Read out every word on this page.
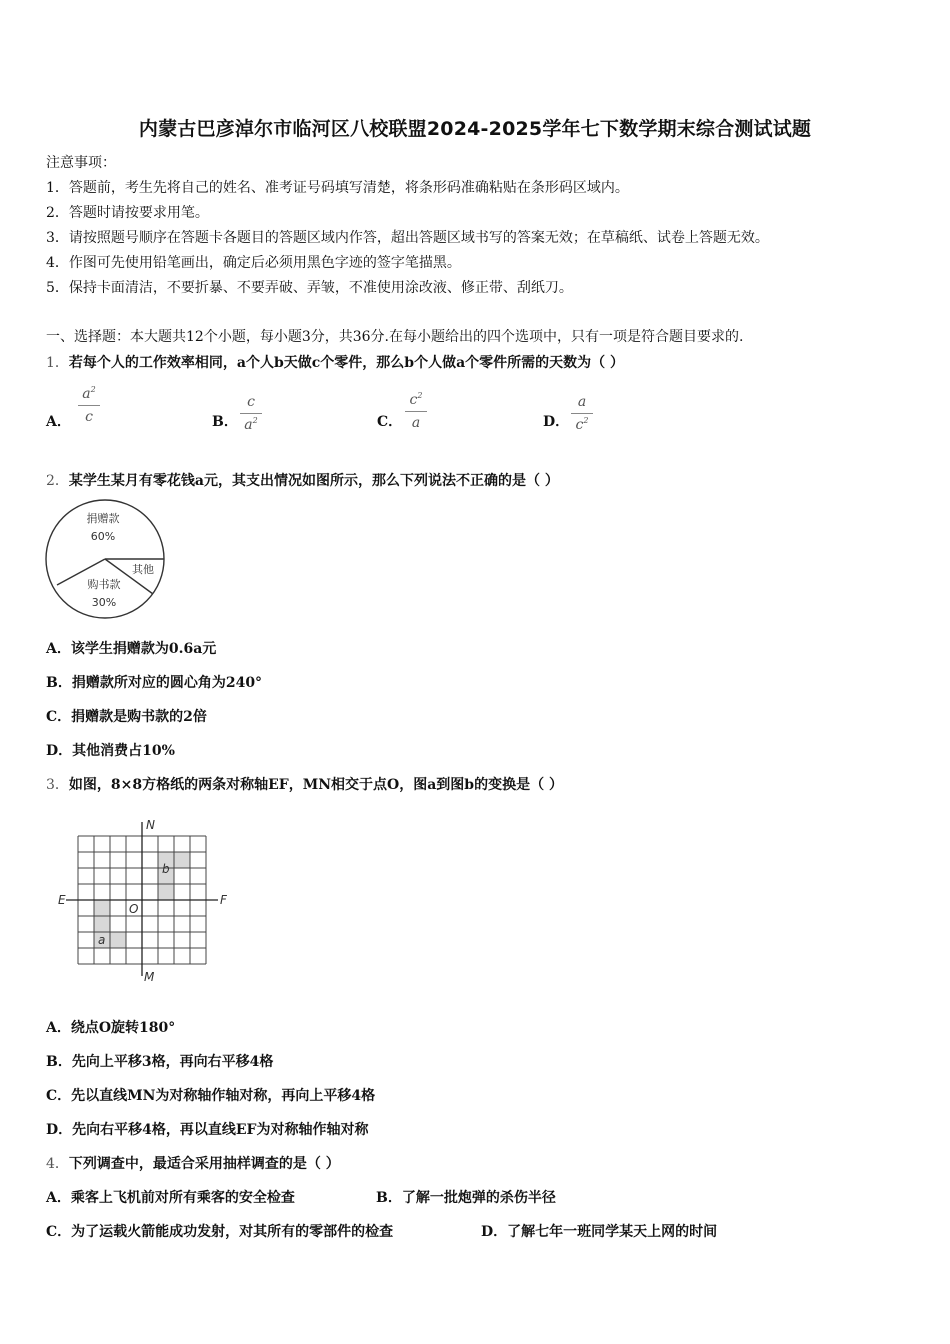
内蒙古巴彦淖尔市临河区八校联盟2024-2025学年七下数学期末综合测试试题
注意事项：
1．答题前，考生先将自己的姓名、准考证号码填写清楚，将条形码准确粘贴在条形码区域内。
2．答题时请按要求用笔。
3．请按照题号顺序在答题卡各题目的答题区域内作答，超出答题区域书写的答案无效；在草稿纸、试卷上答题无效。
4．作图可先使用铅笔画出，确定后必须用黑色字迹的签字笔描黑。
5．保持卡面清洁，不要折暴、不要弄破、弄皱，不准使用涂改液、修正带、刮纸刀。
一、选择题：本大题共12个小题，每小题3分，共36分.在每小题给出的四个选项中，只有一项是符合题目要求的.
1．若每个人的工作效率相同，a个人b天做c个零件，那么b个人做a个零件所需的天数为（ ）
A．
$a^2$
c	B．
c
$a^2$	C．
$c^2$
a	D．
a
$c^2$
2．某学生某月有零花钱a元，其支出情况如图所示，那么下列说法不正确的是（ ）
捐赠款
60%
其他
购书款
30%
A．该学生捐赠款为0.6a元
B．捐赠款所对应的圆心角为240°
C．捐赠款是购书款的2倍
D．其他消费占10%
3．如图，8×8方格纸的两条对称轴EF，MN相交于点O，图a到图b的变换是（ ）
N
M
E	F
O
a
b
A．绕点O旋转180°
B．先向上平移3格，再向右平移4格
C．先以直线MN为对称轴作轴对称，再向上平移4格
D．先向右平移4格，再以直线EF为对称轴作轴对称
4．下列调查中，最适合采用抽样调查的是（ ）
A．乘客上飞机前对所有乘客的安全检查	B．了解一批炮弹的杀伤半径
C．为了运载火箭能成功发射，对其所有的零部件的检查	D．了解七年一班同学某天上网的时间
